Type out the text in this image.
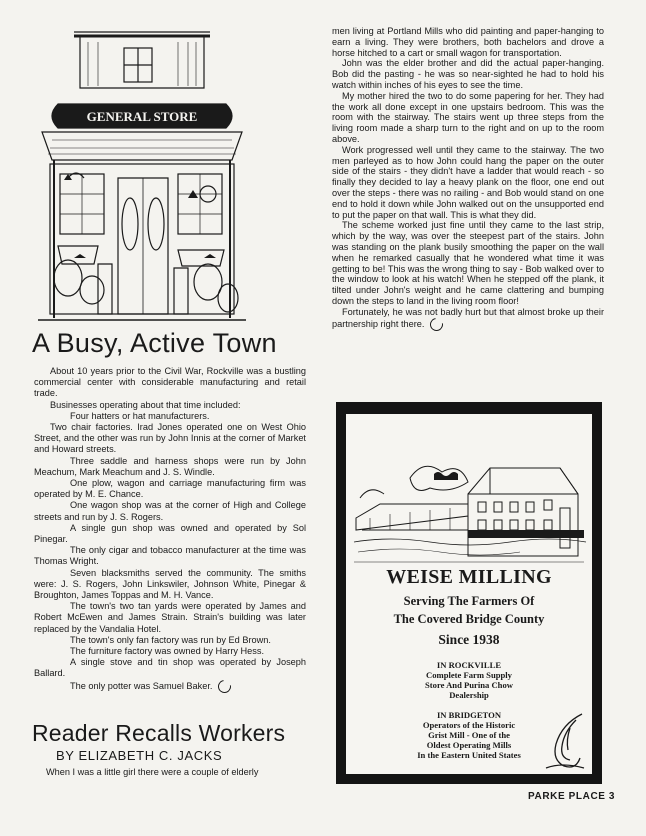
GENERAL STORE
A Busy, Active Town

About 10 years prior to the Civil War, Rockville was a bustling commercial center with considerable manufacturing and retail trade.

Businesses operating about that time included:

Four hatters or hat manufacturers.

Two chair factories. Irad Jones operated one on West Ohio Street, and the other was run by John Innis at the corner of Market and Howard streets.

Three saddle and harness shops were run by John Meachum, Mark Meachum and J. S. Windle.

One plow, wagon and carriage manufacturing firm was operated by M. E. Chance.

One wagon shop was at the corner of High and College streets and run by J. S. Rogers.

A single gun shop was owned and operated by Sol Pinegar.

The only cigar and tobacco manufacturer at the time was Thomas Wright.

Seven blacksmiths served the community. The smiths were: J. S. Rogers, John Linkswiler, Johnson White, Pinegar & Broughton, James Toppas and M. H. Vance.

The town's two tan yards were operated by James and Robert McEwen and James Strain. Strain's building was later replaced by the Vandalia Hotel.

The town's only fan factory was run by Ed Brown.

The furniture factory was owned by Harry Hess.

A single stove and tin shop was operated by Joseph Ballard.

The only potter was Samuel Baker.

Reader Recalls Workers
BY ELIZABETH C. JACKS

When I was a little girl there were a couple of elderly

men living at Portland Mills who did painting and paper-hanging to earn a living. They were brothers, both bachelors and drove a horse hitched to a cart or small wagon for transportation.

John was the elder brother and did the actual paper-hanging. Bob did the pasting - he was so near-sighted he had to hold his watch within inches of his eyes to see the time.

My mother hired the two to do some papering for her. They had the work all done except in one upstairs bedroom. This was the room with the stairway. The stairs went up three steps from the living room made a sharp turn to the right and on up to the room above.

Work progressed well until they came to the stairway. The two men parleyed as to how John could hang the paper on the outer side of the stairs - they didn't have a ladder that would reach - so finally they decided to lay a heavy plank on the floor, one end out over the steps - there was no railing - and Bob would stand on one end to hold it down while John walked out on the unsupported end to put the paper on that wall. This is what they did.

The scheme worked just fine until they came to the last strip, which by the way, was over the steepest part of the stairs. John was standing on the plank busily smoothing the paper on the wall when he remarked casually that he wondered what time it was getting to be! This was the wrong thing to say - Bob walked over to the window to look at his watch! When he stepped off the plank, it tilted under John's weight and he came clattering and bumping down the steps to land in the living room floor!

Fortunately, he was not badly hurt but that almost broke up their partnership right there.

WEISE MILLING
Serving The Farmers Of
The Covered Bridge County
Since 1938
IN ROCKVILLE
Complete Farm Supply
Store And Purina Chow
Dealership
IN BRIDGETON
Operators of the Historic
Grist Mill - One of the
Oldest Operating Mills
In the Eastern United States
PARKE PLACE 3
